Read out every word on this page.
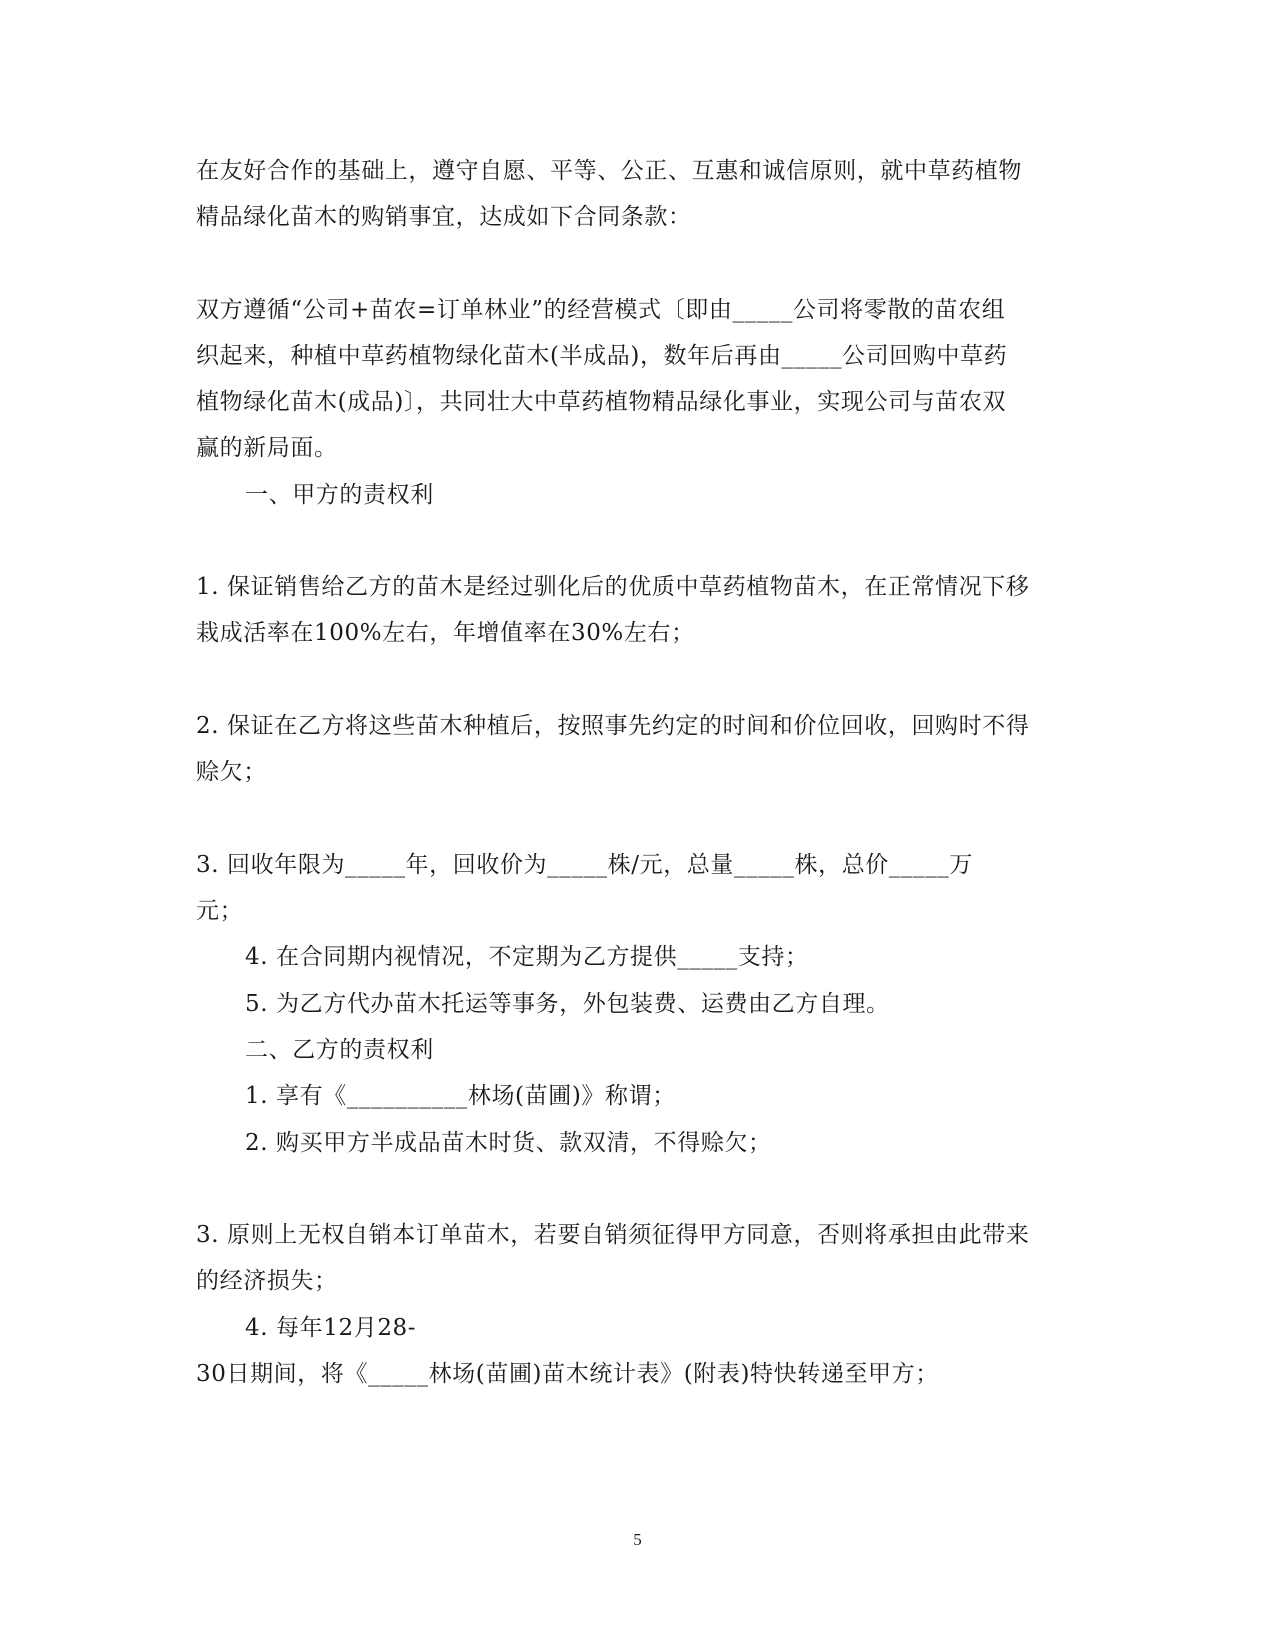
在友好合作的基础上，遵守自愿、平等、公正、互惠和诚信原则，就中草药植物
精品绿化苗木的购销事宜，达成如下合同条款：
双方遵循“公司+苗农=订单林业”的经营模式〔即由_____公司将零散的苗农组
织起来，种植中草药植物绿化苗木(半成品)，数年后再由_____公司回购中草药
植物绿化苗木(成品)〕，共同壮大中草药植物精品绿化事业，实现公司与苗农双
赢的新局面。
一、甲方的责权利
1. 保证销售给乙方的苗木是经过驯化后的优质中草药植物苗木，在正常情况下移
栽成活率在100%左右，年增值率在30%左右；
2. 保证在乙方将这些苗木种植后，按照事先约定的时间和价位回收，回购时不得
赊欠；
3. 回收年限为_____年，回收价为_____株/元，总量_____株，总价_____万
元；
4. 在合同期内视情况，不定期为乙方提供_____支持；
5. 为乙方代办苗木托运等事务，外包装费、运费由乙方自理。
二、乙方的责权利
1. 享有《__________林场(苗圃)》称谓；
2. 购买甲方半成品苗木时货、款双清，不得赊欠；
3. 原则上无权自销本订单苗木，若要自销须征得甲方同意，否则将承担由此带来
的经济损失；
4. 每年12月28-
30日期间，将《_____林场(苗圃)苗木统计表》(附表)特快转递至甲方；
5
